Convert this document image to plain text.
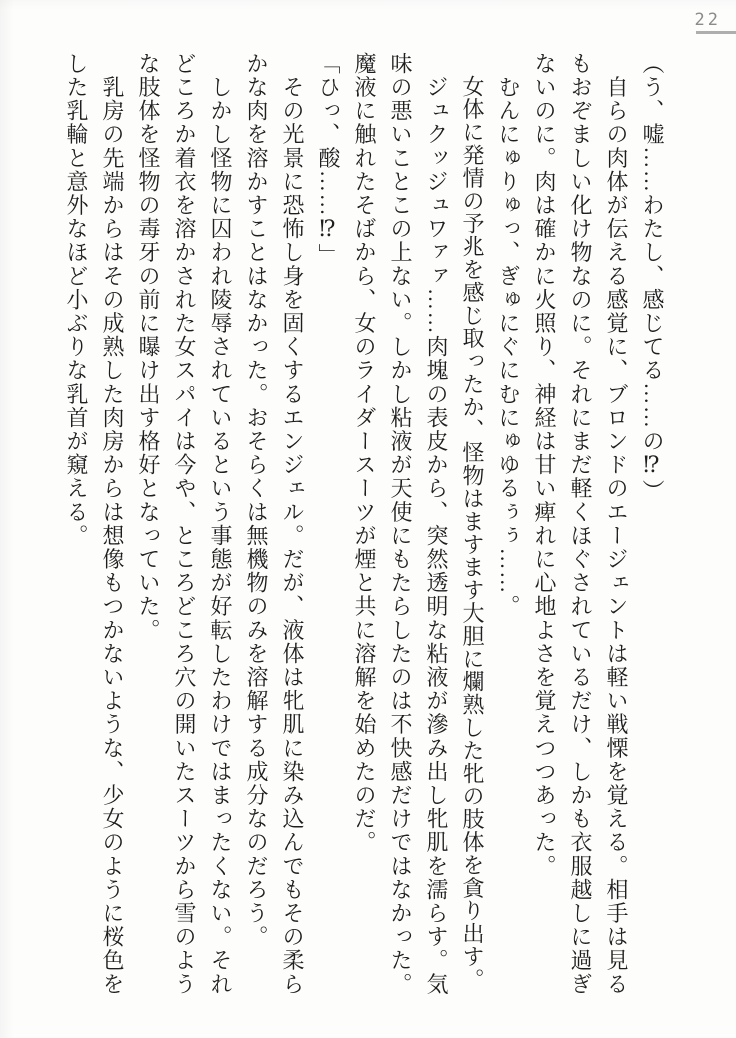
22
（う、嘘……わたし、感じてる……の⁉）
　自らの肉体が伝える感覚に、ブロンドのエージェントは軽い戦慄を覚える。相手は見る
もおぞましい化け物なのに。それにまだ軽くほぐされているだけ、しかも衣服越しに過ぎ
ないのに。肉は確かに火照り、神経は甘い痺れに心地よさを覚えつつあった。
　むんにゅりゅっ、ぎゅにぐにむにゅゆるぅぅ……。
　女体に発情の予兆を感じ取ったか、怪物はますます大胆に爛熟した牝の肢体を貪り出す。
　ジュクッジュワァァ……肉塊の表皮から、突然透明な粘液が滲み出し牝肌を濡らす。気
味の悪いことこの上ない。しかし粘液が天使にもたらしたのは不快感だけではなかった。
魔液に触れたそばから、女のライダースーツが煙と共に溶解を始めたのだ。
「ひっ、酸……⁉」
　その光景に恐怖し身を固くするエンジェル。だが、液体は牝肌に染み込んでもその柔ら
かな肉を溶かすことはなかった。おそらくは無機物のみを溶解する成分なのだろう。
　しかし怪物に囚われ陵辱されているという事態が好転したわけではまったくない。それ
どころか着衣を溶かされた女スパイは今や、ところどころ穴の開いたスーツから雪のよう
な肢体を怪物の毒牙の前に曝け出す格好となっていた。
　乳房の先端からはその成熟した肉房からは想像もつかないような、少女のように桜色を
した乳輪と意外なほど小ぶりな乳首が窺える。
